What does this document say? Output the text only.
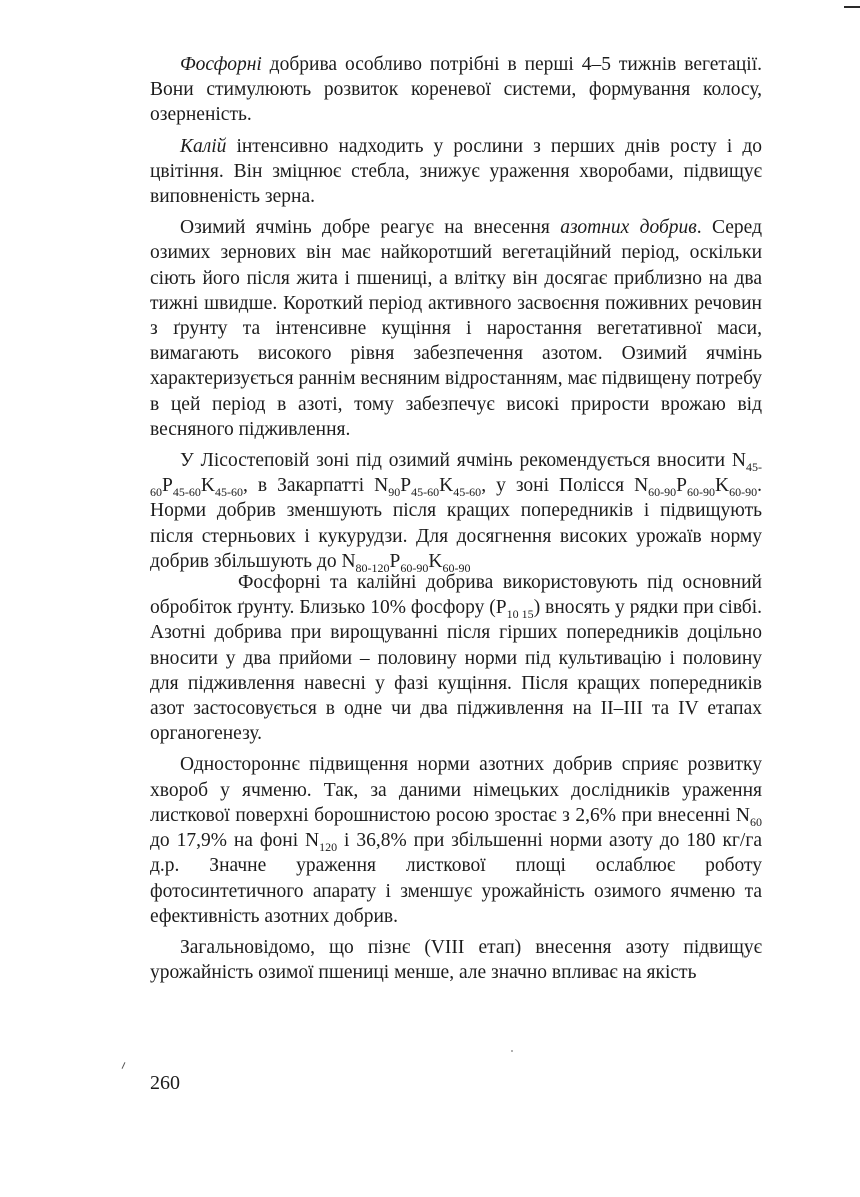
Фосфорні добрива особливо потрібні в перші 4–5 тижнів вегетації. Вони стимулюють розвиток кореневої системи, формування колосу, озерненість.

Калій інтенсивно надходить у рослини з перших днів росту і до цвітіння. Він зміцнює стебла, знижує ураження хворобами, підвищує виповненість зерна.

Озимий ячмінь добре реагує на внесення азотних добрив. Серед озимих зернових він має найкоротший вегетаційний період, оскільки сіють його після жита і пшениці, а влітку він досягає приблизно на два тижні швидше. Короткий період активного засвоєння поживних речовин з ґрунту та інтенсивне кущіння і наростання вегетативної маси, вимагають високого рівня забезпечення азотом. Озимий ячмінь характеризується раннім весняним відростанням, має підвищену потребу в цей період в азоті, тому забезпечує високі прирости врожаю від весняного підживлення.

У Лісостеповій зоні під озимий ячмінь рекомендується вносити $N_{45-60}P_{45-60}K_{45-60}$, в Закарпатті $N_{90}P_{45-60}K_{45-60}$, у зоні Полісся $N_{60-90}P_{60-90}K_{60-90}$. Норми добрив зменшують після кращих попередників і підвищують після стерньових і кукурудзи. Для досягнення високих урожаїв норму добрив збільшують до $N_{80-120}P_{60-90}K_{60-90}$

Фосфорні та калійні добрива використовують під основний обробіток ґрунту. Близько 10% фосфору $(P_{10 15})$ вносять у рядки при сівбі. Азотні добрива при вирощуванні після гірших попередників доцільно вносити у два прийоми – половину норми під культивацію і половину для підживлення навесні у фазі кущіння. Після кращих попередників азот застосовується в одне чи два підживлення на II–III та IV етапах органогенезу.

Одностороннє підвищення норми азотних добрив сприяє розвитку хвороб у ячменю. Так, за даними німецьких дослідників ураження листкової поверхні борошнистою росою зростає з 2,6% при внесенні $N_{60}$ до 17,9% на фоні $N_{120}$ і 36,8% при збільшенні норми азоту до 180 кг/га д.р. Значне ураження листкової площі ослаблює роботу фотосинтетичного апарату і зменшує урожайність озимого ячменю та ефективність азотних добрив.

Загальновідомо, що пізнє (VIII етап) внесення азоту підвищує урожайність озимої пшениці менше, але значно впливає на якість

260
